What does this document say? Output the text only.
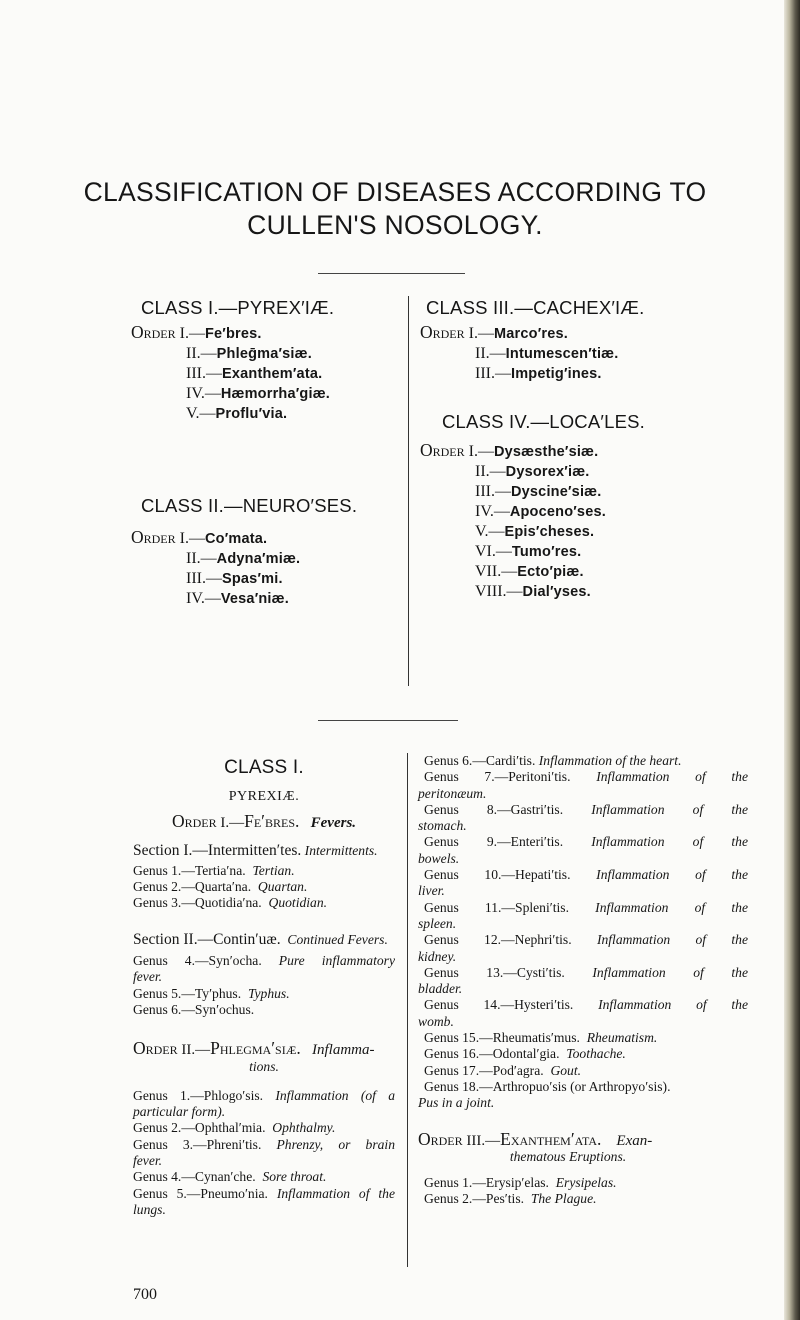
CLASSIFICATION OF DISEASES ACCORDING TO
CULLEN'S NOSOLOGY.
CLASS I.—PYREX′IÆ.
Order I.—Fe′bres.
II.—Phleḡma′siæ.
III.—Exanthem′ata.
IV.—Hæmorrha′giæ.
V.—Proflu′via.
CLASS II.—NEURO′SES.
Order I.—Co′mata.
II.—Adyna′miæ.
III.—Spas′mi.
IV.—Vesa′niæ.
CLASS III.—CACHEX′IÆ.
Order I.—Marco′res.
II.—Intumescen′tiæ.
III.—Impetig′ines.
CLASS IV.—LOCA′LES.
Order I.—Dysæsthe′siæ.
II.—Dysorex′iæ.
III.—Dyscine′siæ.
IV.—Apoceno′ses.
V.—Epis′cheses.
VI.—Tumo′res.
VII.—Ecto′piæ.
VIII.—Dial′yses.
CLASS I.
PYREXIÆ.
Order I.—Fe′bres. Fevers.
Section I.—Intermitten′tes. Intermittents.

Genus 1.—Tertia′na. Tertian.

Genus 2.—Quarta′na. Quartan.

Genus 3.—Quotidia′na. Quotidian.

Section II.—Contin′uæ. Continued Fevers.

Genus 4.—Syn′ocha. Pure inflammatory

fever.

Genus 5.—Ty′phus. Typhus.

Genus 6.—Syn′ochus.

Order II.—Phlegma′siæ. Inflamma-
tions.

Genus 1.—Phlogo′sis. Inflammation (of a

particular form).

Genus 2.—Ophthal′mia. Ophthalmy.

Genus 3.—Phreni′tis. Phrenzy, or brain

fever.

Genus 4.—Cynan′che. Sore throat.

Genus 5.—Pneumo′nia. Inflammation of the

lungs.

Genus 6.—Cardi′tis. Inflammation of the heart.

Genus 7.—Peritoni′tis. Inflammation of the

peritonæum.

Genus 8.—Gastri′tis. Inflammation of the

stomach.

Genus 9.—Enteri′tis. Inflammation of the

bowels.

Genus 10.—Hepati′tis. Inflammation of the

liver.

Genus 11.—Spleni′tis. Inflammation of the

spleen.

Genus 12.—Nephri′tis. Inflammation of the

kidney.

Genus 13.—Cysti′tis. Inflammation of the

bladder.

Genus 14.—Hysteri′tis. Inflammation of the

womb.

Genus 15.—Rheumatis′mus. Rheumatism.

Genus 16.—Odontal′gia. Toothache.

Genus 17.—Pod′agra. Gout.

Genus 18.—Arthropuo′sis (or Arthropyo′sis).

Pus in a joint.

Order III.—Exanthem′ata. Exan-
thematous Eruptions.

Genus 1.—Erysip′elas. Erysipelas.

Genus 2.—Pes′tis. The Plague.

700
